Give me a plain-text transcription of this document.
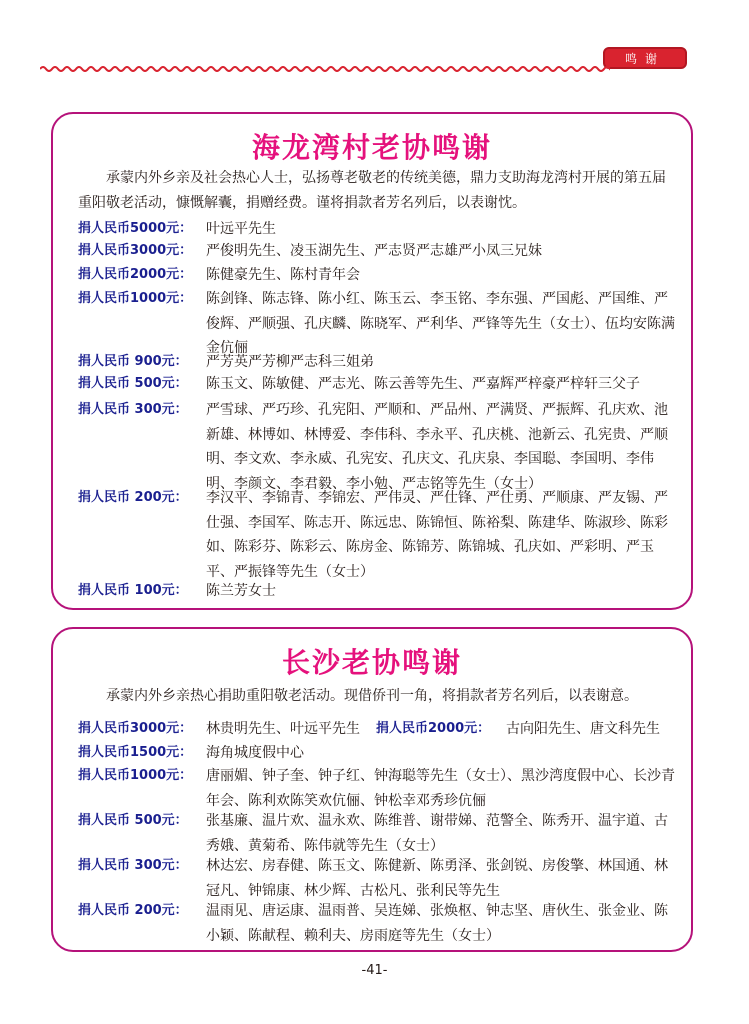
鸣谢
海龙湾村老协鸣谢
承蒙内外乡亲及社会热心人士，弘扬尊老敬老的传统美德，鼎力支助海龙湾村开展的第五届重阳敬老活动，慷慨解囊，捐赠经费。谨将捐款者芳名列后，以表谢忱。
捐人民币5000元： 叶远平先生
捐人民币3000元： 严俊明先生、凌玉湖先生、严志贤严志雄严小凤三兄妹
捐人民币2000元： 陈健豪先生、陈村青年会
捐人民币1000元： 陈剑锋、陈志锋、陈小红、陈玉云、李玉铭、李东强、严国彪、严国维、严俊辉、严顺强、孔庆麟、陈晓军、严利华、严锋等先生（女士）、伍均安陈满金伉俪
捐人民币 900元： 严芳英严芳柳严志科三姐弟
捐人民币 500元： 陈玉文、陈敏健、严志光、陈云善等先生、严嘉辉严梓豪严梓轩三父子
捐人民币 300元： 严雪球、严巧珍、孔宪阳、严顺和、严品州、严满贤、严振辉、孔庆欢、池新雄、林博如、林博爱、李伟科、李永平、孔庆桃、池新云、孔宪贵、严顺明、李文欢、李永威、孔宪安、孔庆文、孔庆泉、李国聪、李国明、李伟明、李颜文、李君毅、李小勉、严志铭等先生（女士）
捐人民币 200元： 李汉平、李锦青、李锦宏、严伟灵、严仕锋、严仕勇、严顺康、严友锡、严仕强、李国军、陈志开、陈远忠、陈锦恒、陈裕梨、陈建华、陈淑珍、陈彩如、陈彩芬、陈彩云、陈房金、陈锦芳、陈锦城、孔庆如、严彩明、严玉平、严振锋等先生（女士）
捐人民币 100元： 陈兰芳女士
长沙老协鸣谢
承蒙内外乡亲热心捐助重阳敬老活动。现借侨刊一角，将捐款者芳名列后，以表谢意。
捐人民币3000元： 林贵明先生、叶远平先生	捐人民币2000元： 古向阳先生、唐文科先生
捐人民币1500元： 海角城度假中心
捐人民币1000元： 唐丽媚、钟子奎、钟子红、钟海聪等先生（女士）、黑沙湾度假中心、长沙青年会、陈利欢陈笑欢伉俪、钟松幸邓秀珍伉俪
捐人民币 500元： 张基廉、温片欢、温永欢、陈维普、谢带娣、范警全、陈秀开、温宇道、古秀娥、黄菊希、陈伟就等先生（女士）
捐人民币 300元： 林达宏、房春健、陈玉文、陈健新、陈勇泽、张剑锐、房俊擎、林国通、林冠凡、钟锦康、林少辉、古松凡、张利民等先生
捐人民币 200元： 温雨见、唐运康、温雨普、吴连娣、张焕枢、钟志坚、唐伙生、张金业、陈小颖、陈献程、赖利夫、房雨庭等先生（女士）
-41-
